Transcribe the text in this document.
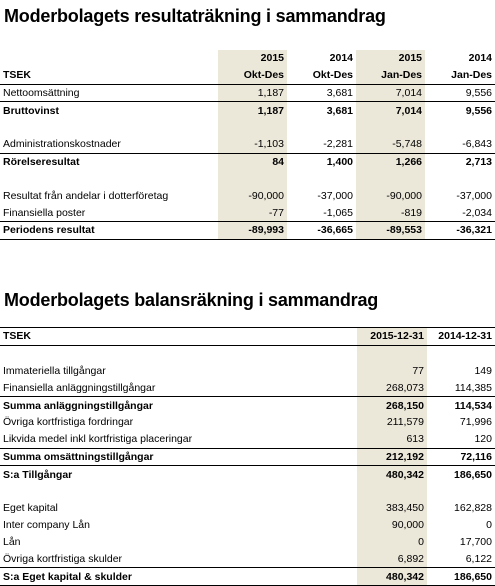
Moderbolagets resultaträkning i sammandrag
	2015	2014	2015	2014
TSEK	Okt-Des	Okt-Des	Jan-Des	Jan-Des
Nettoomsättning	1,187	3,681	7,014	9,556
Bruttovinst	1,187	3,681	7,014	9,556

Administrationskostnader	-1,103	-2,281	-5,748	-6,843
Rörelseresultat	84	1,400	1,266	2,713

Resultat från andelar i dotterföretag	-90,000	-37,000	-90,000	-37,000
Finansiella poster	-77	-1,065	-819	-2,034
Periodens resultat	-89,993	-36,665	-89,553	-36,321
Moderbolagets balansräkning i sammandrag
TSEK	2015-12-31	2014-12-31

Immateriella tillgångar	77	149
Finansiella anläggningstillgångar	268,073	114,385
Summa anläggningstillgångar	268,150	114,534
Övriga kortfristiga fordringar	211,579	71,996
Likvida medel inkl kortfristiga placeringar	613	120
Summa omsättningstillgångar	212,192	72,116
S:a Tillgångar	480,342	186,650

Eget kapital	383,450	162,828
Inter company Lån	90,000	0
Lån	0	17,700
Övriga kortfristiga skulder	6,892	6,122
S:a Eget kapital & skulder	480,342	186,650
